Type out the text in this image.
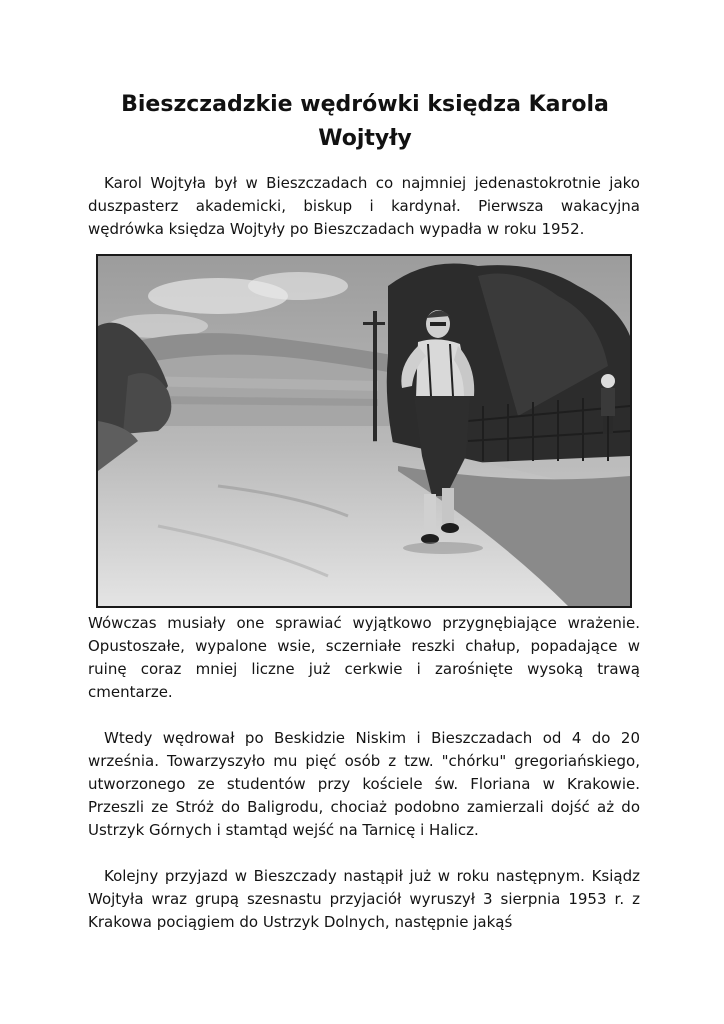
Bieszczadzkie wędrówki księdza Karola Wojtyły

Karol Wojtyła był w Bieszczadach co najmniej jedenastokrotnie jako duszpasterz akademicki, biskup i kardynał. Pierwsza wakacyjna wędrówka księdza Wojtyły po Bieszczadach wypadła w roku 1952.

Wówczas musiały one sprawiać wyjątkowo przygnębiające wrażenie. Opustoszałe, wypalone wsie, sczerniałe reszki chałup, popadające w ruinę coraz mniej liczne już cerkwie i zarośnięte wysoką trawą cmentarze.

Wtedy wędrował po Beskidzie Niskim i Bieszczadach od 4 do 20 września. Towarzyszyło mu pięć osób z tzw. "chórku" gregoriańskiego, utworzonego ze studentów przy kościele św. Floriana w Krakowie. Przeszli ze Stróż do Baligrodu, chociaż podobno zamierzali dojść aż do Ustrzyk Górnych i stamtąd wejść na Tarnicę i Halicz.

Kolejny przyjazd w Bieszczady nastąpił już w roku następnym. Ksiądz Wojtyła wraz grupą szesnastu przyjaciół wyruszył 3 sierpnia 1953 r. z Krakowa pociągiem do Ustrzyk Dolnych, następnie jakąś
